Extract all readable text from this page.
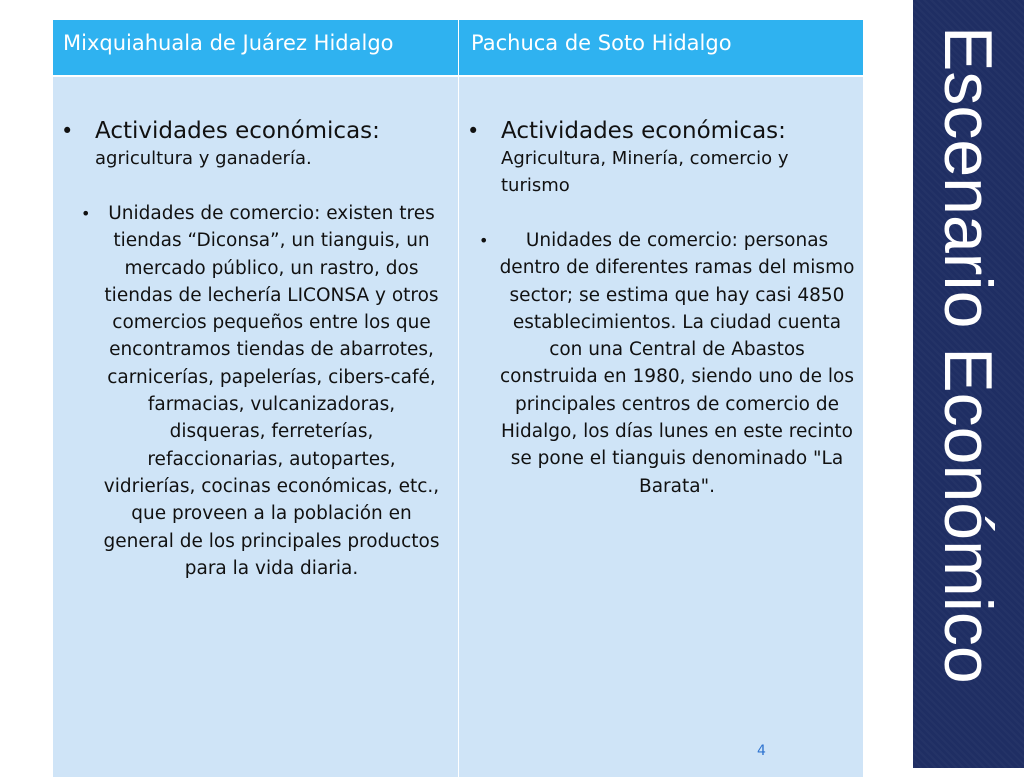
Mixquiahuala de Juárez Hidalgo	Pachuca de Soto Hidalgo
• Actividades económicas:
agricultura y ganadería.
• Unidades de comercio: existen tres tiendas “Diconsa”, un tianguis, un mercado público, un rastro, dos tiendas de lechería LICONSA y otros comercios pequeños entre los que encontramos tiendas de abarrotes, carnicerías, papelerías, cibers-café, farmacias, vulcanizadoras, disqueras, ferreterías, refaccionarias, autopartes, vidrierías, cocinas económicas, etc., que proveen a la población en general de los principales productos para la vida diaria.
• Actividades económicas:
Agricultura, Minería, comercio y turismo
• Unidades de comercio: personas dentro de diferentes ramas del mismo sector; se estima que hay casi 4850 establecimientos. La ciudad cuenta con una Central de Abastos construida en 1980, siendo uno de los principales centros de comercio de Hidalgo, los días lunes en este recinto se pone el tianguis denominado "La Barata".
4
Escenario Económico
